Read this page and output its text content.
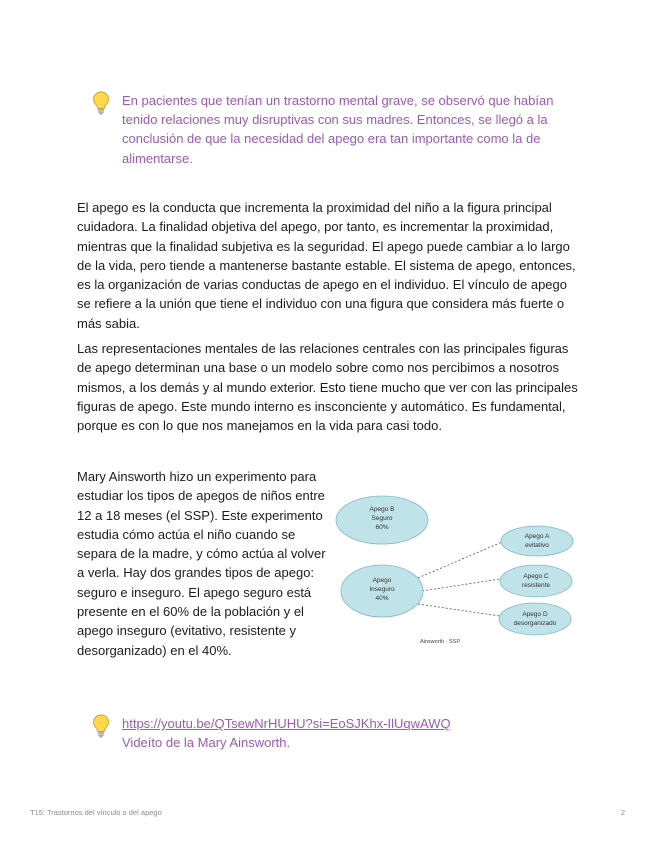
En pacientes que tenían un trastorno mental grave, se observó que habían tenido relaciones muy disruptivas con sus madres. Entonces, se llegó a la conclusión de que la necesidad del apego era tan importante como la de alimentarse.

El apego es la conducta que incrementa la proximidad del niño a la figura principal cuidadora. La finalidad objetiva del apego, por tanto, es incrementar la proximidad, mientras que la finalidad subjetiva es la seguridad. El apego puede cambiar a lo largo de la vida, pero tiende a mantenerse bastante estable. El sistema de apego, entonces, es la organización de varias conductas de apego en el individuo. El vínculo de apego se refiere a la unión que tiene el individuo con una figura que considera más fuerte o más sabia.

Las representaciones mentales de las relaciones centrales con las principales figuras de apego determinan una base o un modelo sobre como nos percibimos a nosotros mismos, a los demás y al mundo exterior. Esto tiene mucho que ver con las principales figuras de apego. Este mundo interno es insconciente y automático. Es fundamental, porque es con lo que nos manejamos en la vida para casi todo.

Mary Ainsworth hizo un experimento para estudiar los tipos de apegos de niños entre 12 a 18 meses (el SSP). Este experimento estudia cómo actúa el niño cuando se separa de la madre, y cómo actúa al volver a verla. Hay dos grandes tipos de apego: seguro e inseguro. El apego seguro está presente en el 60% de la población y el apego inseguro (evitativo, resistente y desorganizado) en el 40%.

Apego B
Seguro
60%
Apego
Inseguro
40%
Apego A
evitativo
Apego C
resistente
Apego D
desorganizado
Ainsworth · SSP
https://youtu.be/QTsewNrHUHU?si=EoSJKhx-IlUqwAWQ
Videíto de la Mary Ainsworth.
T15: Trastornos del vínculo o del apego	2
